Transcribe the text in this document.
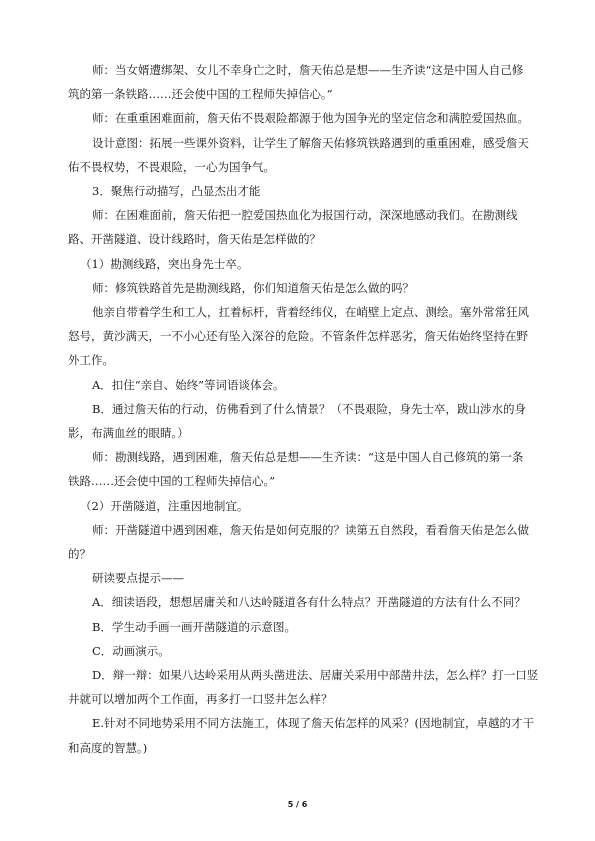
师：当女婿遭绑架、女儿不幸身亡之时，詹天佑总是想——生齐读“这是中国人自己修
筑的第一条铁路……还会使中国的工程师失掉信心。”
师：在重重困难面前，詹天佑不畏艰险都源于他为国争光的坚定信念和满腔爱国热血。
设计意图：拓展一些课外资料，让学生了解詹天佑修筑铁路遇到的重重困难，感受詹天
佑不畏权势，不畏艰险，一心为国争气。
3．聚焦行动描写，凸显杰出才能
师：在困难面前，詹天佑把一腔爱国热血化为报国行动，深深地感动我们。在勘测线
路、开凿隧道、设计线路时，詹天佑是怎样做的？
（1）勘测线路，突出身先士卒。
师：修筑铁路首先是勘测线路，你们知道詹天佑是怎么做的吗？
他亲自带着学生和工人，扛着标杆，背着经纬仪，在峭壁上定点、测绘。塞外常常狂风
怒号，黄沙满天，一不小心还有坠入深谷的危险。不管条件怎样恶劣，詹天佑始终坚持在野
外工作。
A．扣住“亲自、始终”等词语谈体会。
B．通过詹天佑的行动，仿佛看到了什么情景？（不畏艰险，身先士卒，跋山涉水的身
影，布满血丝的眼睛。）
师：勘测线路，遇到困难，詹天佑总是想——生齐读：“这是中国人自己修筑的第一条
铁路……还会使中国的工程师失掉信心。”
（2）开凿隧道，注重因地制宜。
师：开凿隧道中遇到困难，詹天佑是如何克服的？读第五自然段，看看詹天佑是怎么做
的？
研读要点提示——
A．细读语段，想想居庸关和八达岭隧道各有什么特点？开凿隧道的方法有什么不同？
B．学生动手画一画开凿隧道的示意图。
C．动画演示。
D．辩一辩：如果八达岭采用从两头凿进法、居庸关采用中部凿井法，怎么样？打一口竖
井就可以增加两个工作面，再多打一口竖井怎么样？
E.针对不同地势采用不同方法施工，体现了詹天佑怎样的风采？(因地制宜，卓越的才干
和高度的智慧。)
5 / 6
